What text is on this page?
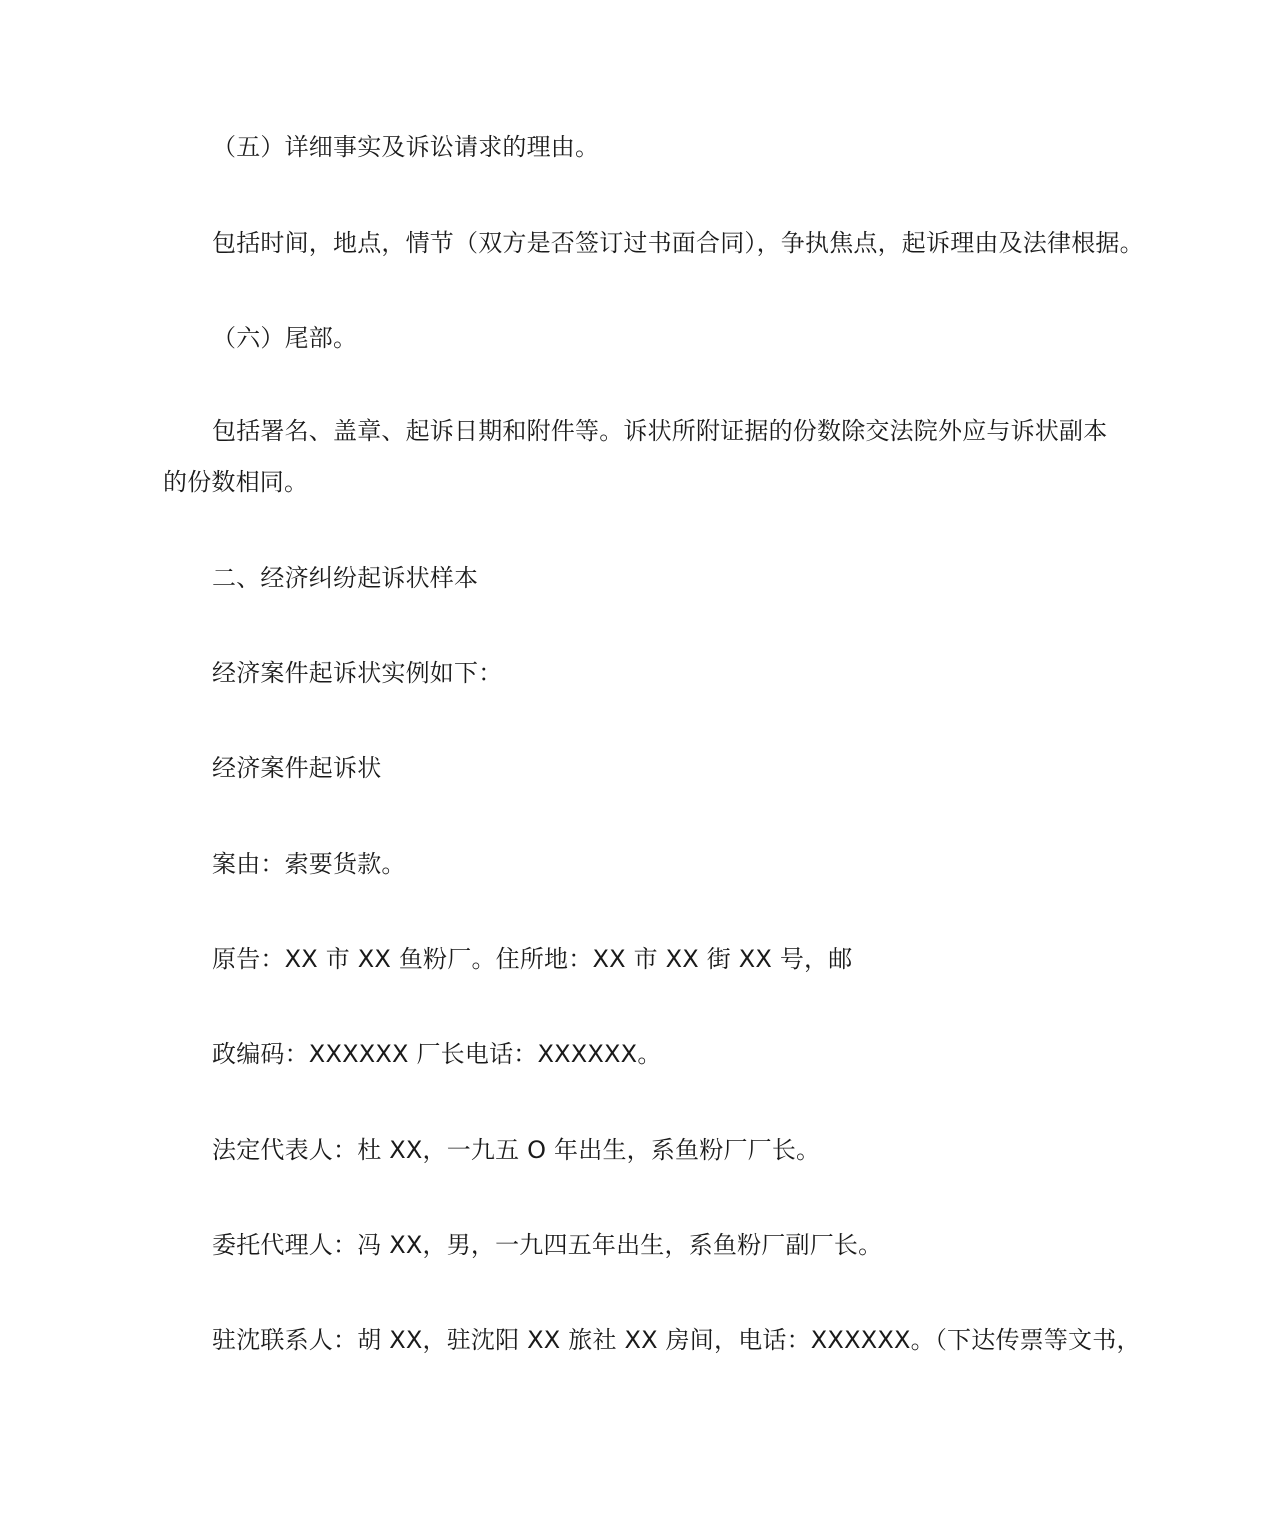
（五）详细事实及诉讼请求的理由。
包括时间，地点，情节（双方是否签订过书面合同），争执焦点，起诉理由及法律根据。
（六）尾部。
包括署名、盖章、起诉日期和附件等。诉状所附证据的份数除交法院外应与诉状副本
的份数相同。
二、经济纠纷起诉状样本
经济案件起诉状实例如下：
经济案件起诉状
案由：索要货款。
原告：XX 市 XX 鱼粉厂。住所地：XX 市 XX 街 XX 号，邮
政编码：XXXXXX 厂长电话：XXXXXX。
法定代表人：杜 XX，一九五 O 年出生，系鱼粉厂厂长。
委托代理人：冯 XX，男，一九四五年出生，系鱼粉厂副厂长。
驻沈联系人：胡 XX，驻沈阳 XX 旅社 XX 房间，电话：XXXXXX。（下达传票等文书，
